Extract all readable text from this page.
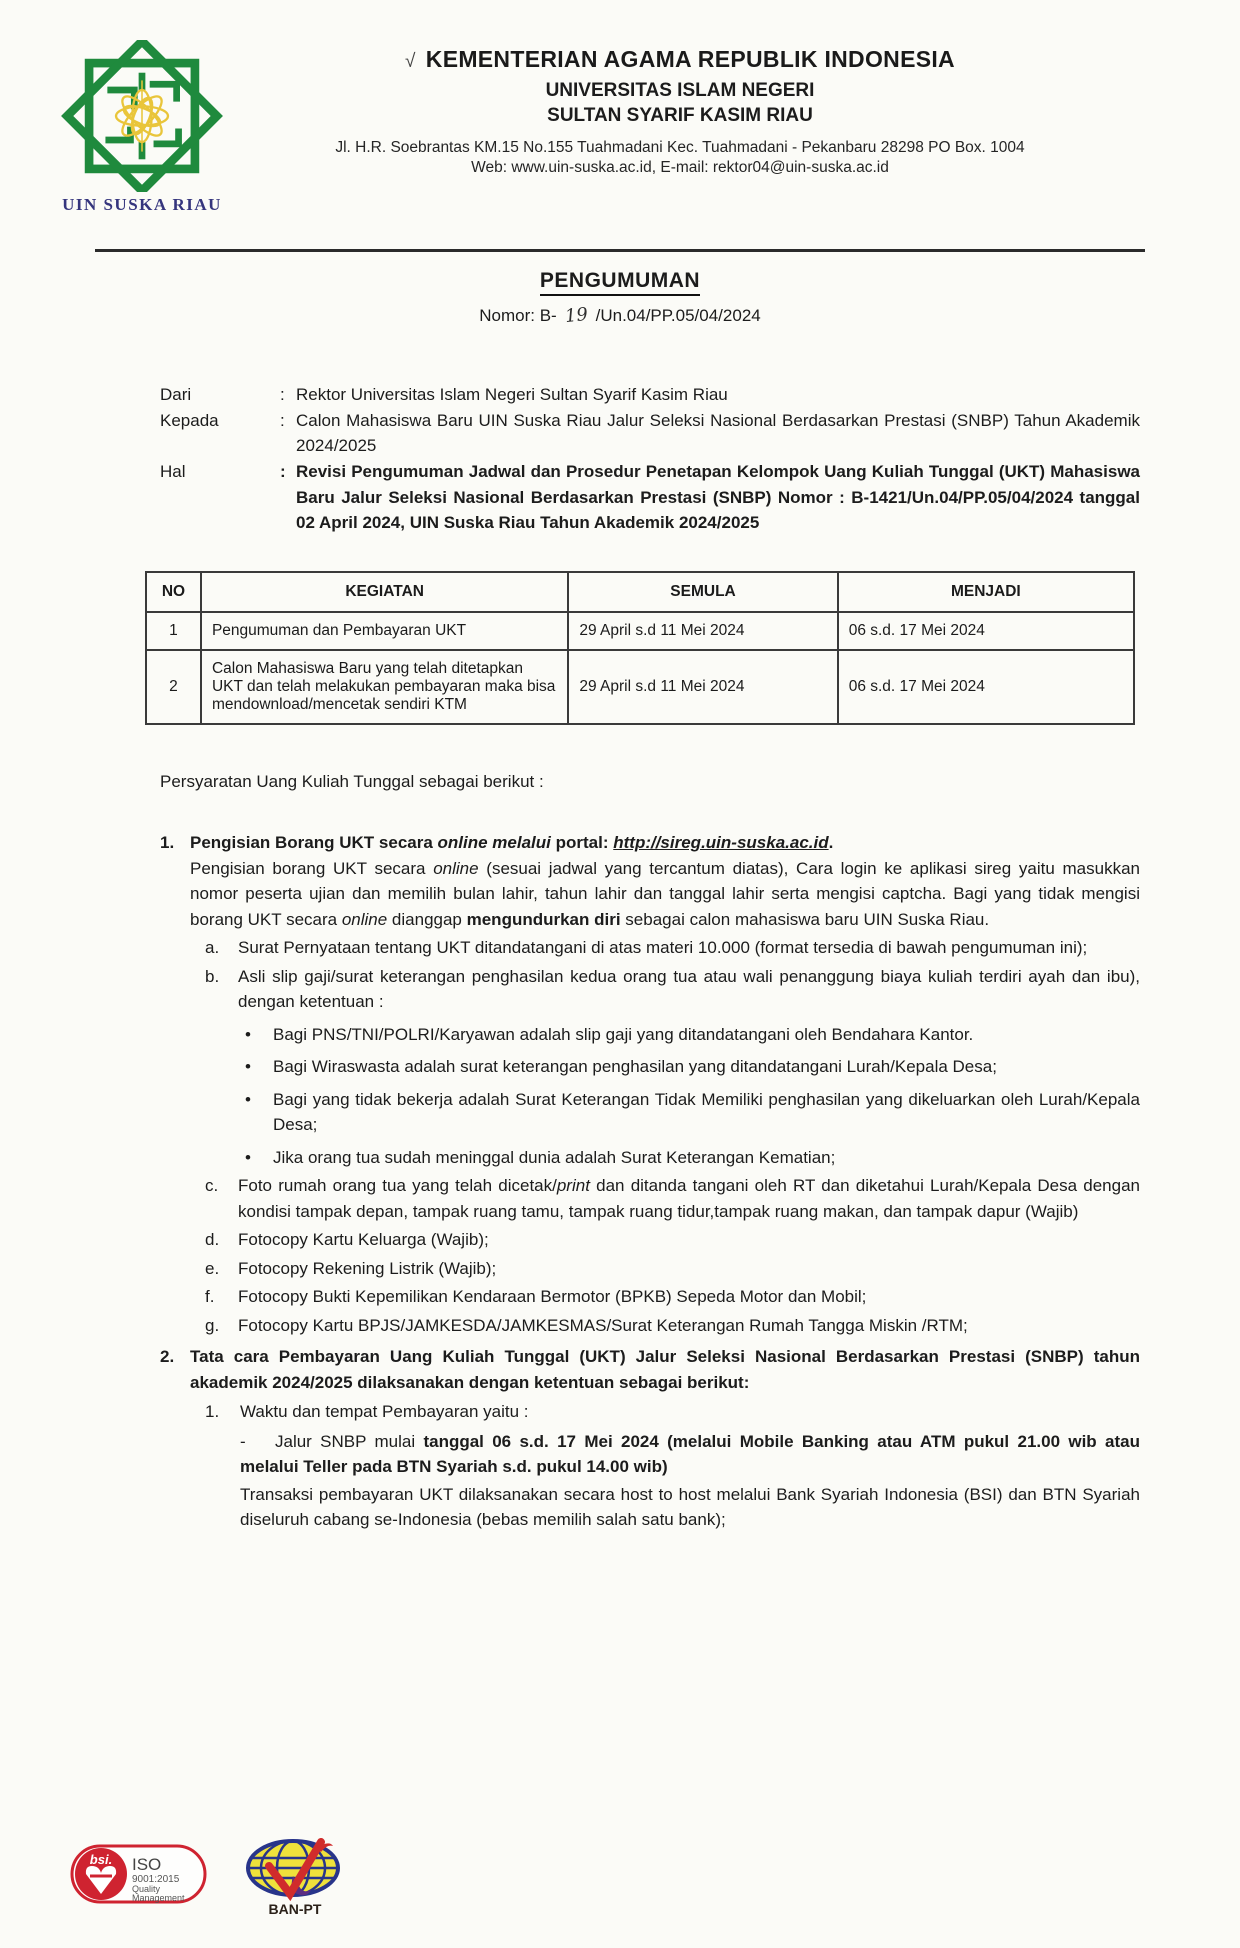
UIN SUSKA RIAU
√ KEMENTERIAN AGAMA REPUBLIK INDONESIA
UNIVERSITAS ISLAM NEGERI
SULTAN SYARIF KASIM RIAU
Jl. H.R. Soebrantas KM.15 No.155 Tuahmadani Kec. Tuahmadani - Pekanbaru 28298 PO Box. 1004
Web: www.uin-suska.ac.id, E-mail: rektor04@uin-suska.ac.id
PENGUMUMAN
Nomor: B- 19 /Un.04/PP.05/04/2024
Dari	: Rektor Universitas Islam Negeri Sultan Syarif Kasim Riau
Kepada	: Calon Mahasiswa Baru UIN Suska Riau Jalur Seleksi Nasional Berdasarkan Prestasi (SNBP) Tahun Akademik 2024/2025
Hal	: Revisi Pengumuman Jadwal dan Prosedur Penetapan Kelompok Uang Kuliah Tunggal (UKT) Mahasiswa Baru Jalur Seleksi Nasional Berdasarkan Prestasi (SNBP) Nomor : B-1421/Un.04/PP.05/04/2024 tanggal 02 April 2024, UIN Suska Riau Tahun Akademik 2024/2025
NO	KEGIATAN	SEMULA	MENJADI
1	Pengumuman dan Pembayaran UKT	29 April s.d 11 Mei 2024	06 s.d. 17 Mei 2024
2	Calon Mahasiswa Baru yang telah ditetapkan UKT dan telah melakukan pembayaran maka bisa mendownload/mencetak sendiri KTM	29 April s.d 11 Mei 2024	06 s.d. 17 Mei 2024
Persyaratan Uang Kuliah Tunggal sebagai berikut :
1. Pengisian Borang UKT secara online melalui portal: http://sireg.uin-suska.ac.id.
Pengisian borang UKT secara online (sesuai jadwal yang tercantum diatas), Cara login ke aplikasi sireg yaitu masukkan nomor peserta ujian dan memilih bulan lahir, tahun lahir dan tanggal lahir serta mengisi captcha. Bagi yang tidak mengisi borang UKT secara online dianggap mengundurkan diri sebagai calon mahasiswa baru UIN Suska Riau.
a.	Surat Pernyataan tentang UKT ditandatangani di atas materi 10.000 (format tersedia di bawah pengumuman ini);
b.	Asli slip gaji/surat keterangan penghasilan kedua orang tua atau wali penanggung biaya kuliah terdiri ayah dan ibu), dengan ketentuan :
•	Bagi PNS/TNI/POLRI/Karyawan adalah slip gaji yang ditandatangani oleh Bendahara Kantor.
•	Bagi Wiraswasta adalah surat keterangan penghasilan yang ditandatangani Lurah/Kepala Desa;
•	Bagi yang tidak bekerja adalah Surat Keterangan Tidak Memiliki penghasilan yang dikeluarkan oleh Lurah/Kepala Desa;
•	Jika orang tua sudah meninggal dunia adalah Surat Keterangan Kematian;
c.	Foto rumah orang tua yang telah dicetak/print dan ditanda tangani oleh RT dan diketahui Lurah/Kepala Desa dengan kondisi tampak depan, tampak ruang tamu, tampak ruang tidur,tampak ruang makan, dan tampak dapur (Wajib)
d.	Fotocopy Kartu Keluarga (Wajib);
e.	Fotocopy Rekening Listrik (Wajib);
f.	Fotocopy Bukti Kepemilikan Kendaraan Bermotor (BPKB) Sepeda Motor dan Mobil;
g.	Fotocopy Kartu BPJS/JAMKESDA/JAMKESMAS/Surat Keterangan Rumah Tangga Miskin /RTM;
2. Tata cara Pembayaran Uang Kuliah Tunggal (UKT) Jalur Seleksi Nasional Berdasarkan Prestasi (SNBP) tahun akademik 2024/2025 dilaksanakan dengan ketentuan sebagai berikut:
1.	Waktu dan tempat Pembayaran yaitu :
- Jalur SNBP mulai tanggal 06 s.d. 17 Mei 2024 (melalui Mobile Banking atau ATM pukul 21.00 wib atau melalui Teller pada BTN Syariah s.d. pukul 14.00 wib)
Transaksi pembayaran UKT dilaksanakan secara host to host melalui Bank Syariah Indonesia (BSI) dan BTN Syariah diseluruh cabang se-Indonesia (bebas memilih salah satu bank);
bsi. ISO
9001:2015
Quality
Management
BAN-PT
